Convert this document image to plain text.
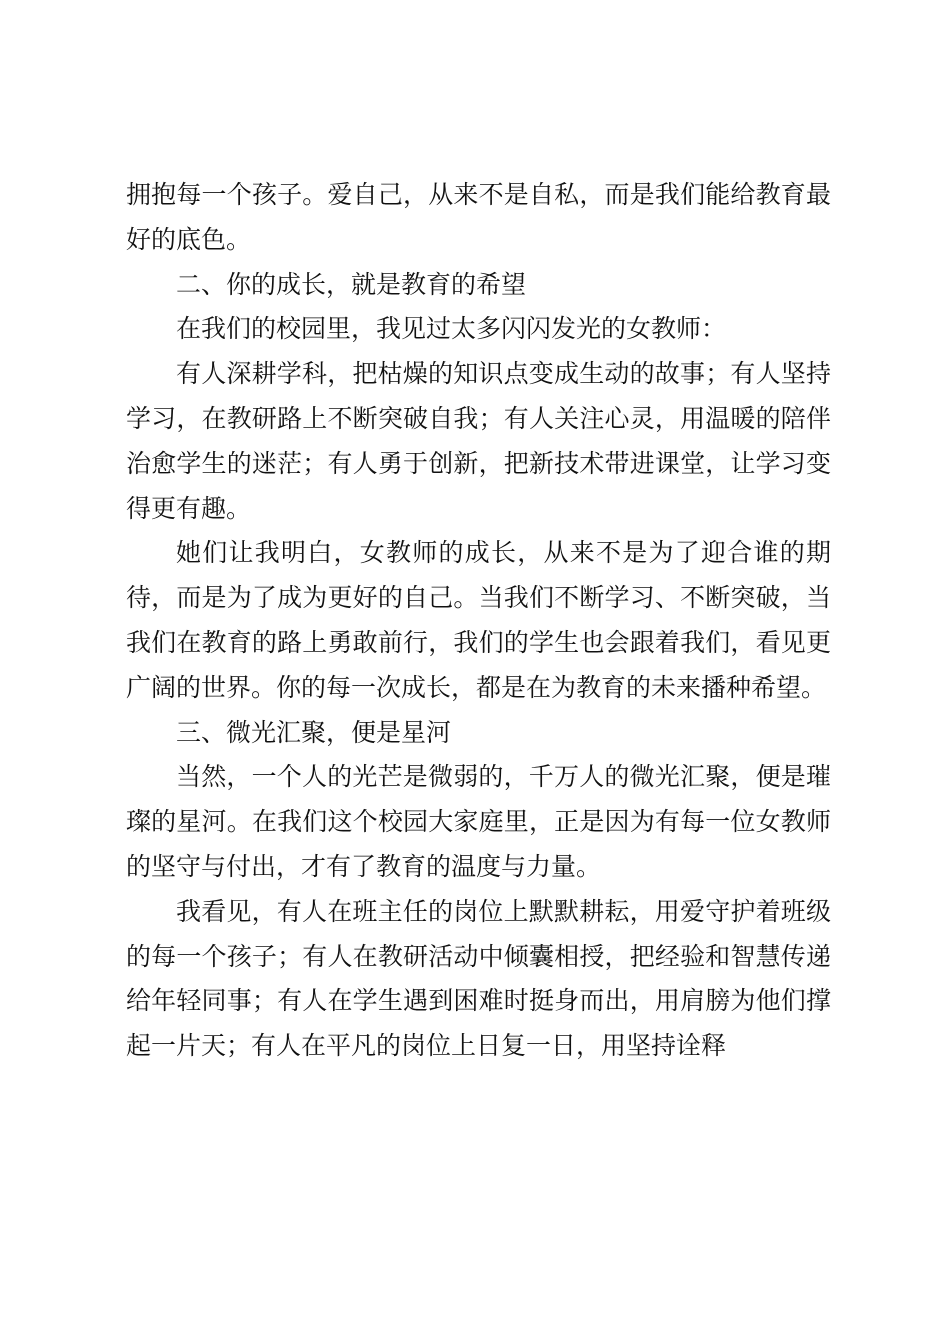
拥抱每一个孩子。爱自己，从来不是自私，而是我们能给教育最好的底色。

二、你的成长，就是教育的希望

在我们的校园里，我见过太多闪闪发光的女教师：

有人深耕学科，把枯燥的知识点变成生动的故事；有人坚持学习，在教研路上不断突破自我；有人关注心灵，用温暖的陪伴治愈学生的迷茫；有人勇于创新，把新技术带进课堂，让学习变得更有趣。

她们让我明白，女教师的成长，从来不是为了迎合谁的期待，而是为了成为更好的自己。当我们不断学习、不断突破，当我们在教育的路上勇敢前行，我们的学生也会跟着我们，看见更广阔的世界。你的每一次成长，都是在为教育的未来播种希望。

三、微光汇聚，便是星河

当然，一个人的光芒是微弱的，千万人的微光汇聚，便是璀璨的星河。在我们这个校园大家庭里，正是因为有每一位女教师的坚守与付出，才有了教育的温度与力量。

我看见，有人在班主任的岗位上默默耕耘，用爱守护着班级的每一个孩子；有人在教研活动中倾囊相授，把经验和智慧传递给年轻同事；有人在学生遇到困难时挺身而出，用肩膀为他们撑起一片天；有人在平凡的岗位上日复一日，用坚持诠释
